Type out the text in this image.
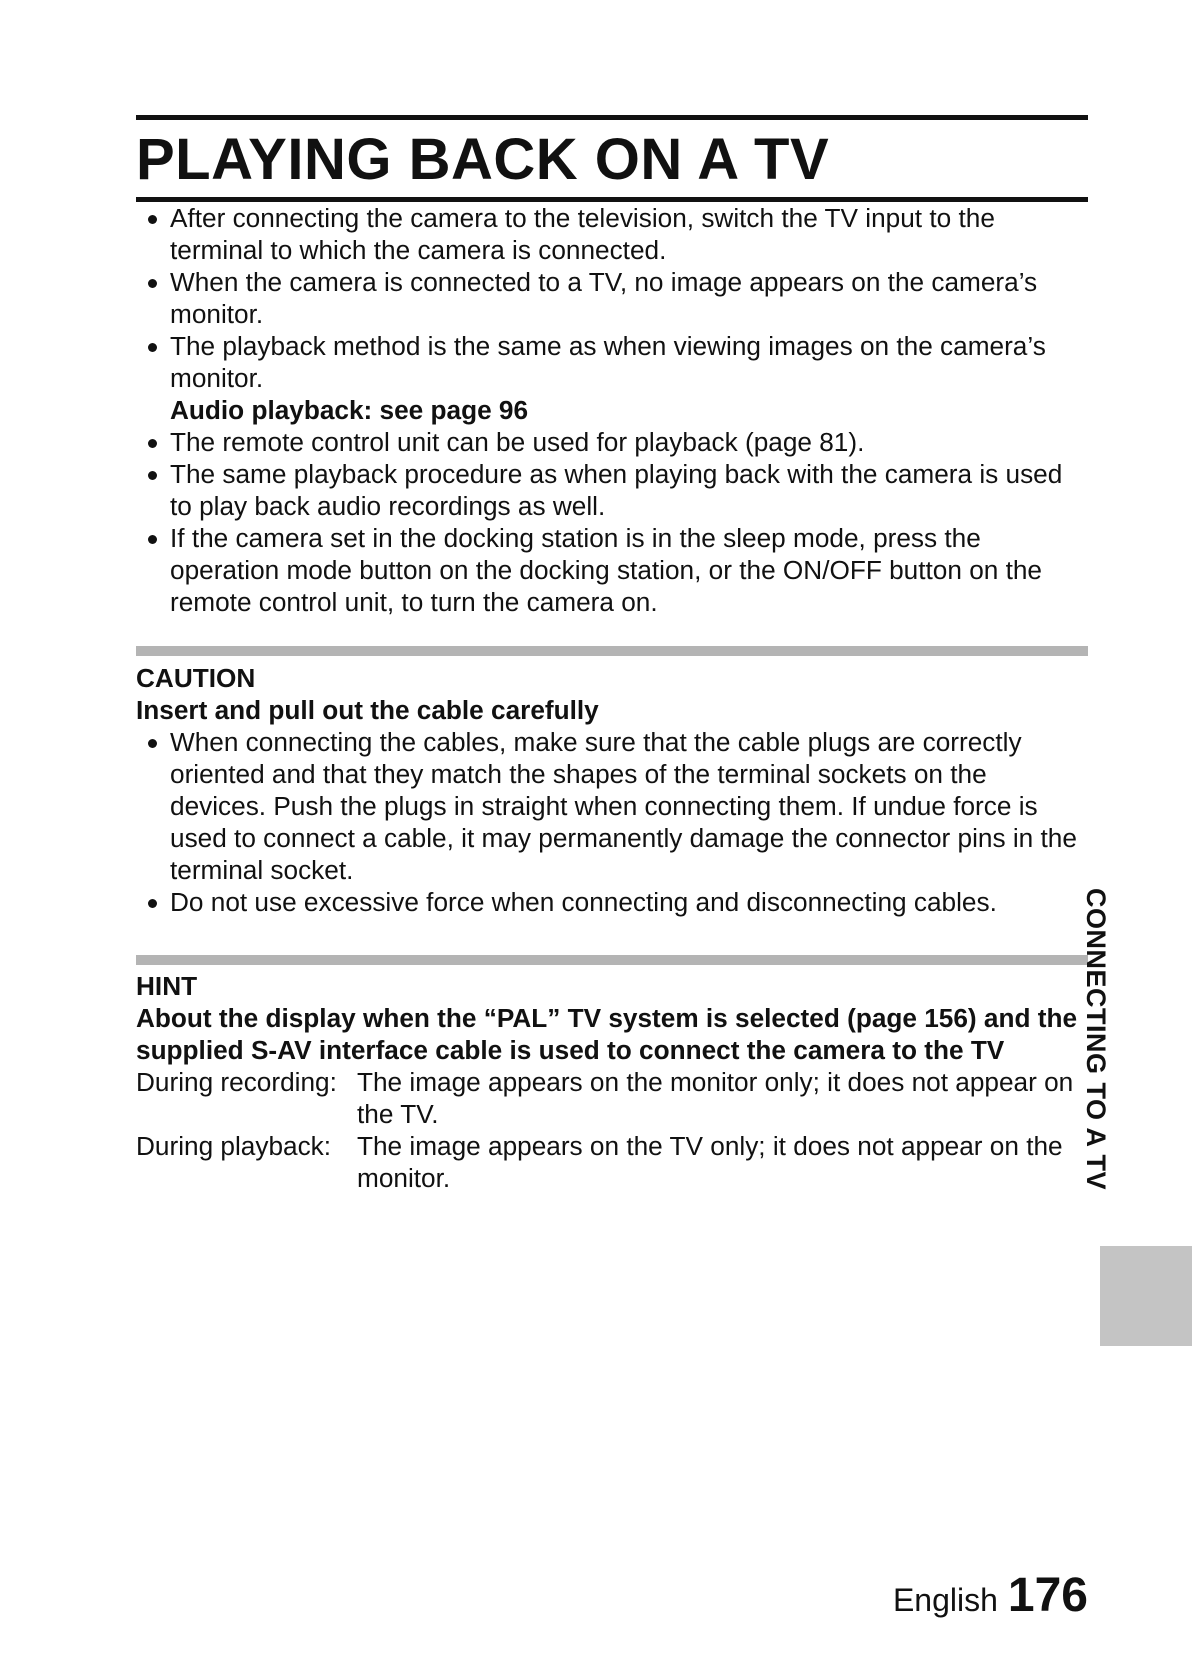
PLAYING BACK ON A TV
After connecting the camera to the television, switch the TV input to the terminal to which the camera is connected.
When the camera is connected to a TV, no image appears on the camera’s monitor.
The playback method is the same as when viewing images on the camera’s monitor.
Audio playback: see page 96
The remote control unit can be used for playback (page 81).
The same playback procedure as when playing back with the camera is used to play back audio recordings as well.
If the camera set in the docking station is in the sleep mode, press the operation mode button on the docking station, or the ON/OFF button on the remote control unit, to turn the camera on.
CAUTION
Insert and pull out the cable carefully
When connecting the cables, make sure that the cable plugs are correctly oriented and that they match the shapes of the terminal sockets on the devices. Push the plugs in straight when connecting them. If undue force is used to connect a cable, it may permanently damage the connector pins in the terminal socket.
Do not use excessive force when connecting and disconnecting cables.
HINT
About the display when the “PAL” TV system is selected (page 156) and the supplied S-AV interface cable is used to connect the camera to the TV
During recording: The image appears on the monitor only; it does not appear on the TV.
During playback: The image appears on the TV only; it does not appear on the monitor.	CONNECTING TO A TV
English 176
